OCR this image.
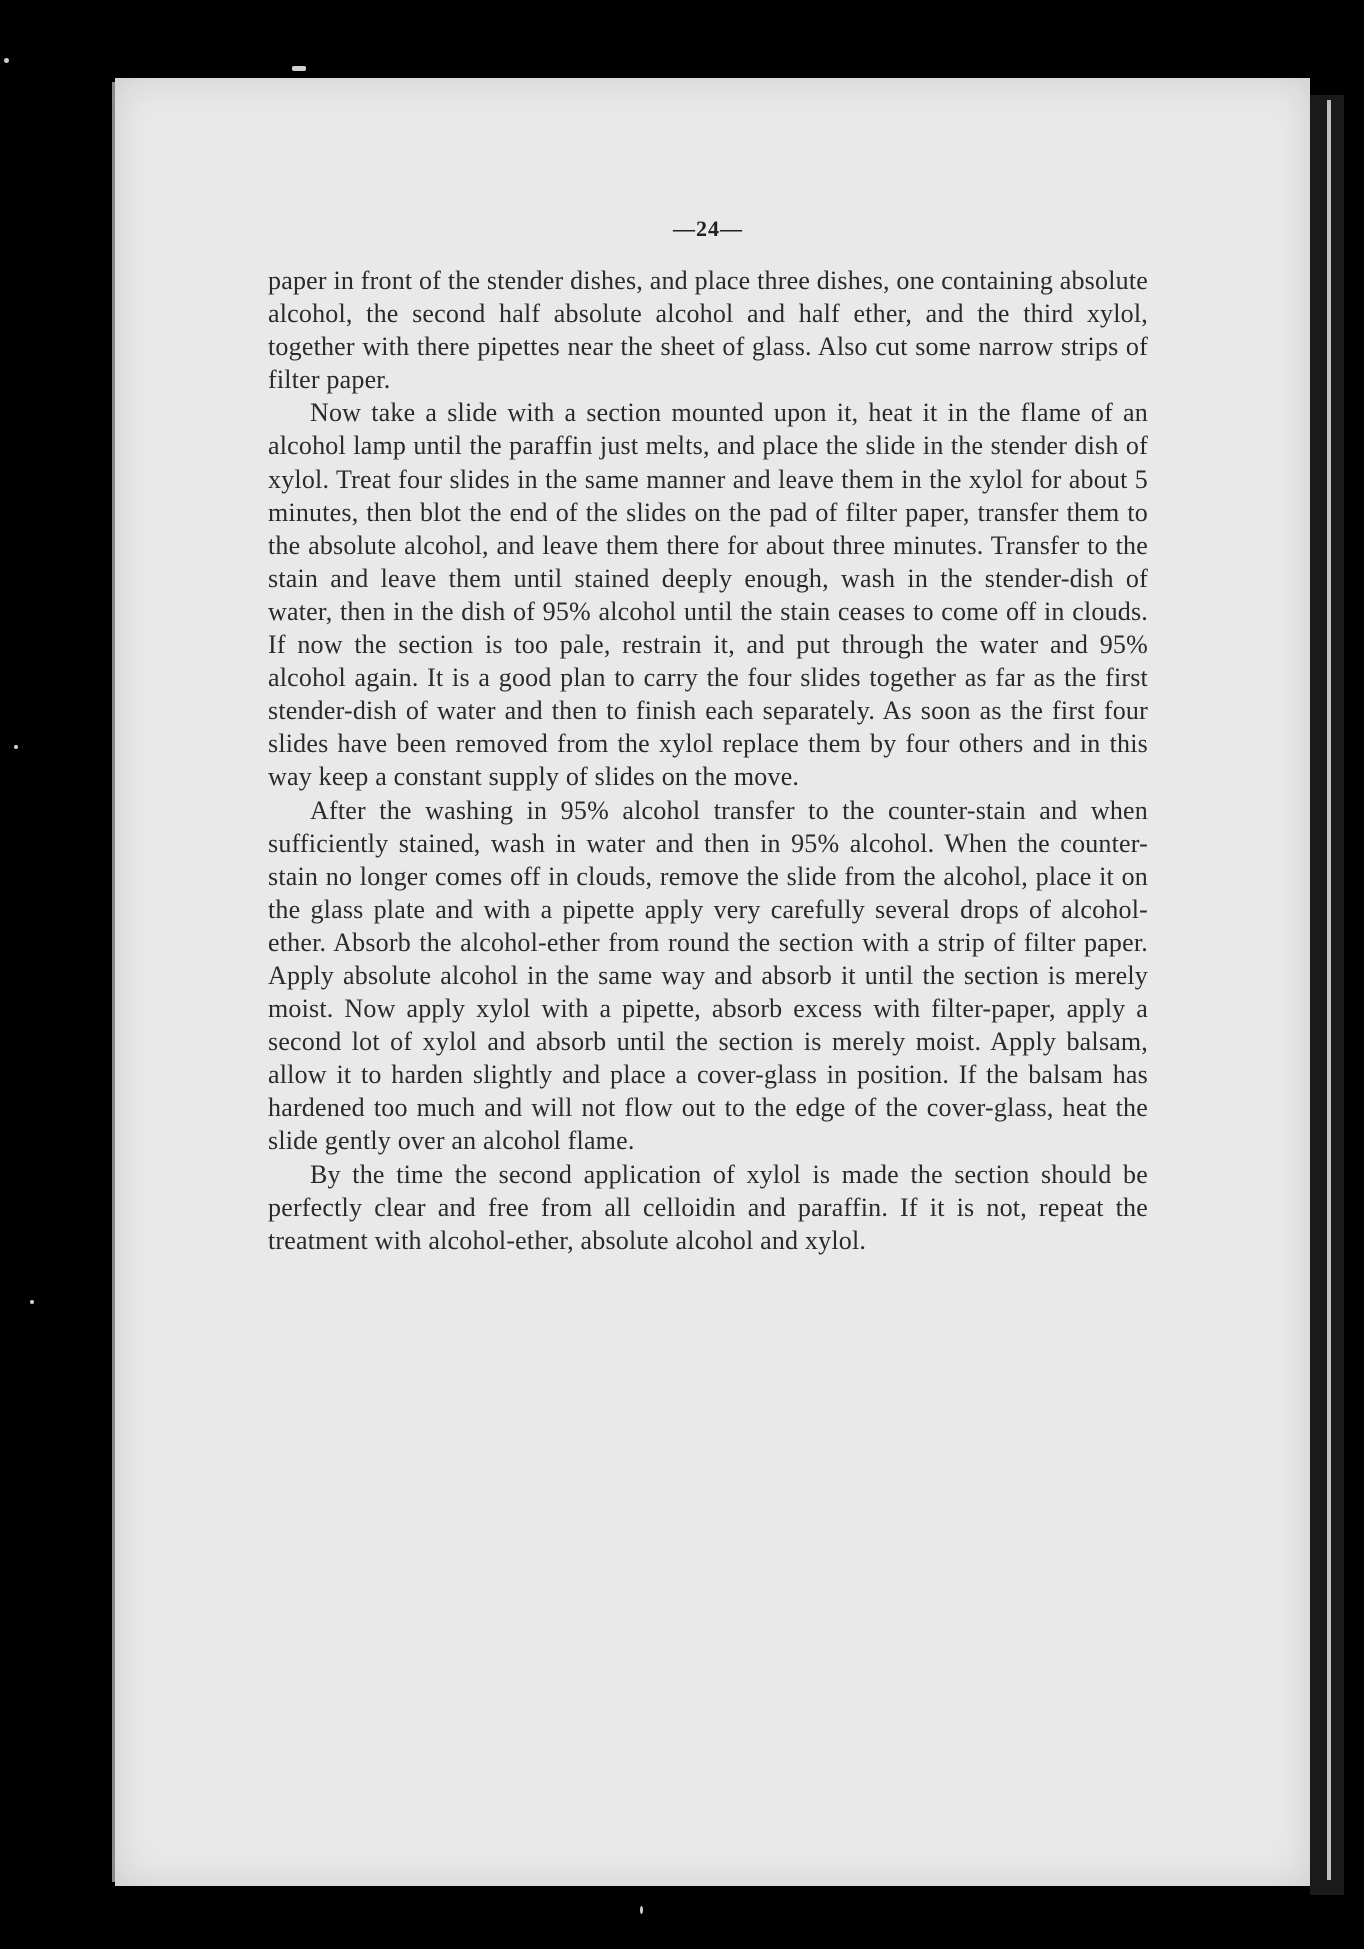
—24—

paper in front of the stender dishes, and place three dishes, one containing absolute alcohol, the second half absolute alcohol and half ether, and the third xylol, together with there pipettes near the sheet of glass. Also cut some narrow strips of filter paper.

Now take a slide with a section mounted upon it, heat it in the flame of an alcohol lamp until the paraffin just melts, and place the slide in the stender dish of xylol. Treat four slides in the same manner and leave them in the xylol for about 5 minutes, then blot the end of the slides on the pad of filter paper, transfer them to the absolute alcohol, and leave them there for about three minutes. Transfer to the stain and leave them until stained deeply enough, wash in the stender-dish of water, then in the dish of 95% alcohol until the stain ceases to come off in clouds. If now the section is too pale, restrain it, and put through the water and 95% alcohol again. It is a good plan to carry the four slides together as far as the first stender-dish of water and then to finish each separately. As soon as the first four slides have been removed from the xylol replace them by four others and in this way keep a constant supply of slides on the move.

After the washing in 95% alcohol transfer to the counter-stain and when sufficiently stained, wash in water and then in 95% alcohol. When the counter-stain no longer comes off in clouds, remove the slide from the alcohol, place it on the glass plate and with a pipette apply very carefully several drops of alcohol-ether. Absorb the alcohol-ether from round the section with a strip of filter paper. Apply absolute alcohol in the same way and absorb it until the section is merely moist. Now apply xylol with a pipette, absorb excess with filter-paper, apply a second lot of xylol and absorb until the section is merely moist. Apply balsam, allow it to harden slightly and place a cover-glass in position. If the balsam has hardened too much and will not flow out to the edge of the cover-glass, heat the slide gently over an alcohol flame.

By the time the second application of xylol is made the section should be perfectly clear and free from all celloidin and paraffin. If it is not, repeat the treatment with alcohol-ether, absolute alcohol and xylol.
